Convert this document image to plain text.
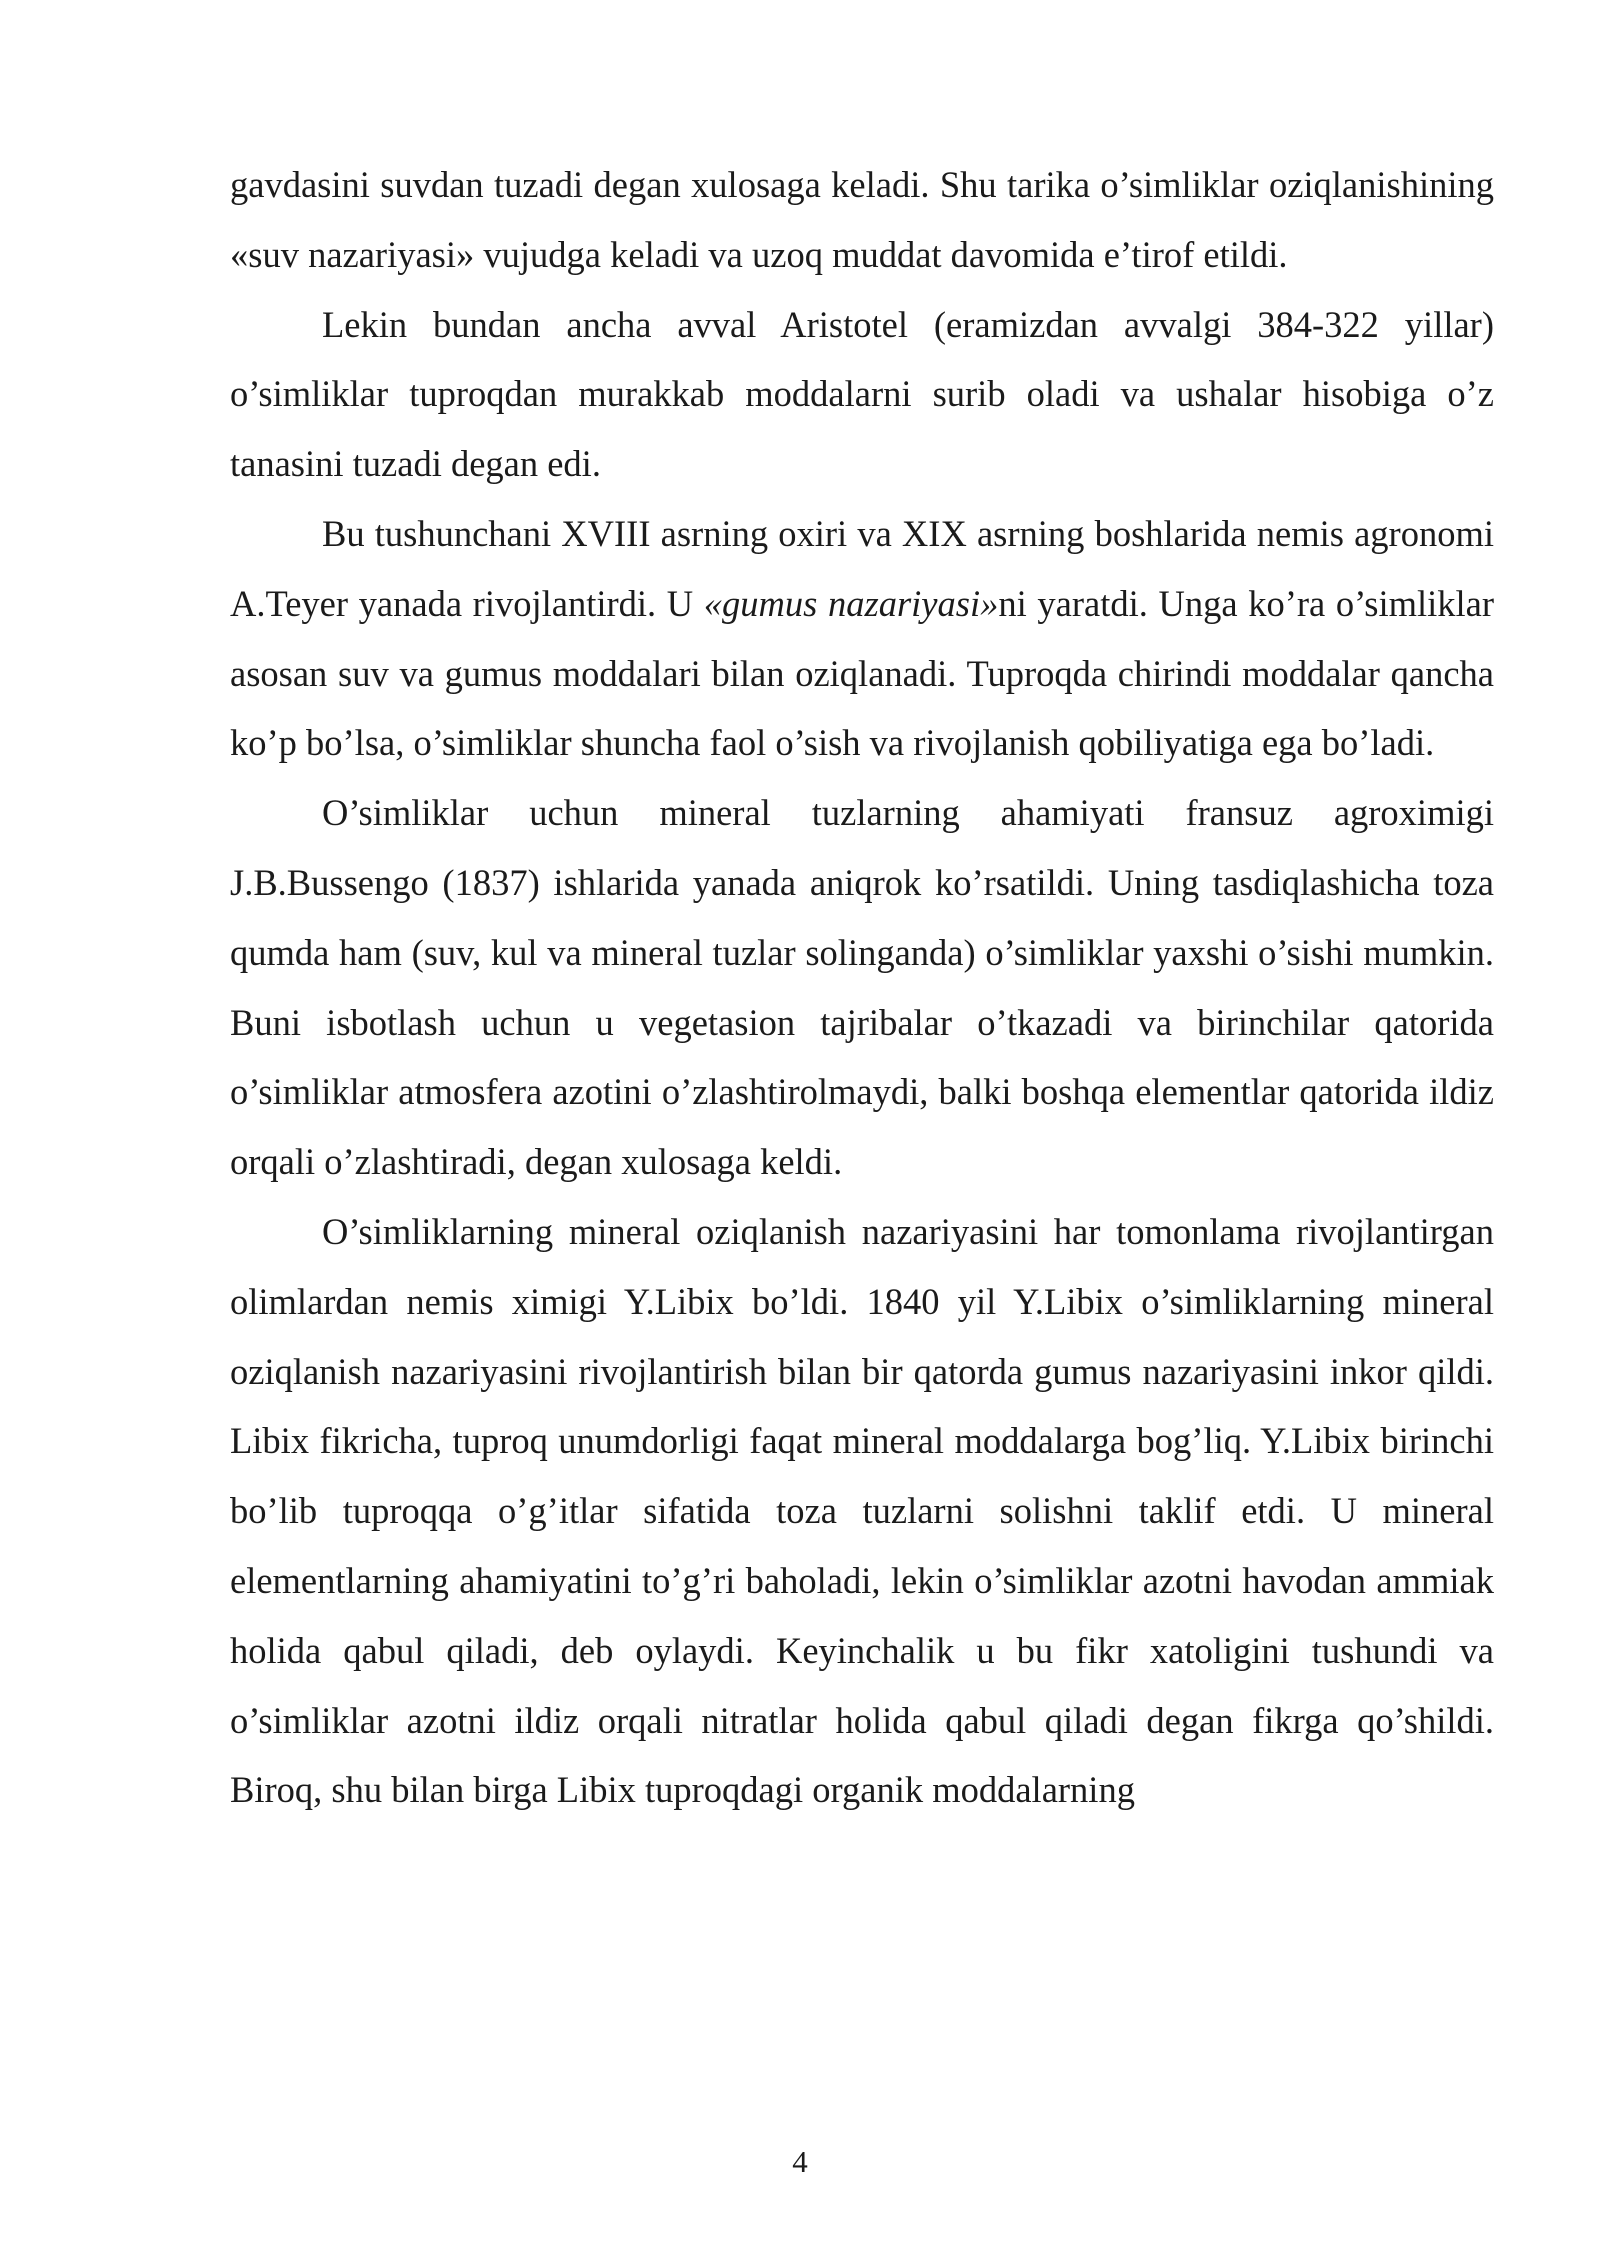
gavdasini suvdan tuzadi degan xulosaga keladi. Shu tarika o’simliklar oziqlanishining «suv nazariyasi» vujudga keladi va uzoq muddat davomida e’tirof etildi.

Lekin bundan ancha avval Aristotel (eramizdan avvalgi 384-322 yillar) o’simliklar tuproqdan murakkab moddalarni surib oladi va ushalar hisobiga o’z tanasini tuzadi degan edi.

Bu tushunchani XVIII asrning oxiri va XIX asrning boshlarida nemis agronomi A.Teyer yanada rivojlantirdi. U «gumus nazariyasi»ni yaratdi. Unga ko’ra o’simliklar asosan suv va gumus moddalari bilan oziqlanadi. Tuproqda chirindi moddalar qancha ko’p bo’lsa, o’simliklar shuncha faol o’sish va rivojlanish qobiliyatiga ega bo’ladi.

O’simliklar uchun mineral tuzlarning ahamiyati fransuz agroximigi J.B.Bussengo (1837) ishlarida yanada aniqrok ko’rsatildi. Uning tasdiqlashicha toza qumda ham (suv, kul va mineral tuzlar solinganda) o’simliklar yaxshi o’sishi mumkin. Buni isbotlash uchun u vegetasion tajribalar o’tkazadi va birinchilar qatorida o’simliklar atmosfera azotini o’zlashtirolmaydi, balki boshqa elementlar qatorida ildiz orqali o’zlashtiradi, degan xulosaga keldi.

O’simliklarning mineral oziqlanish nazariyasini har tomonlama rivojlantirgan olimlardan nemis ximigi Y.Libix bo’ldi. 1840 yil Y.Libix o’simliklarning mineral oziqlanish nazariyasini rivojlantirish bilan bir qatorda gumus nazariyasini inkor qildi. Libix fikricha, tuproq unumdorligi faqat mineral moddalarga bog’liq. Y.Libix birinchi bo’lib tuproqqa o’g’itlar sifatida toza tuzlarni solishni taklif etdi. U mineral elementlarning ahamiyatini to’g’ri baholadi, lekin o’simliklar azotni havodan ammiak holida qabul qiladi, deb oylaydi. Keyinchalik u bu fikr xatoligini tushundi va o’simliklar azotni ildiz orqali nitratlar holida qabul qiladi degan fikrga qo’shildi. Biroq, shu bilan birga Libix tuproqdagi organik moddalarning

4
